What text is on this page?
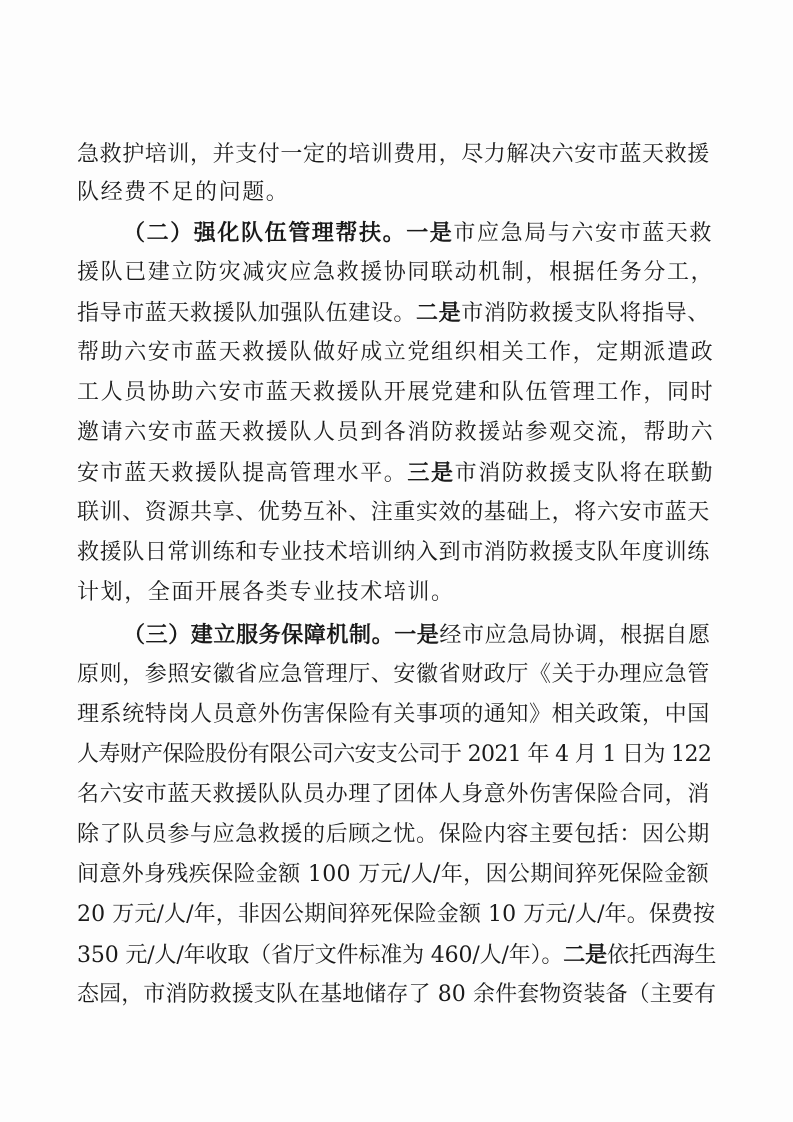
急救护培训，并支付一定的培训费用，尽力解决六安市蓝天救援
队经费不足的问题。
（二）强化队伍管理帮扶。一是市应急局与六安市蓝天救
援队已建立防灾减灾应急救援协同联动机制，根据任务分工，
指导市蓝天救援队加强队伍建设。二是市消防救援支队将指导、
帮助六安市蓝天救援队做好成立党组织相关工作，定期派遣政
工人员协助六安市蓝天救援队开展党建和队伍管理工作，同时
邀请六安市蓝天救援队人员到各消防救援站参观交流，帮助六
安市蓝天救援队提高管理水平。三是市消防救援支队将在联勤
联训、资源共享、优势互补、注重实效的基础上，将六安市蓝天
救援队日常训练和专业技术培训纳入到市消防救援支队年度训练
计划，全面开展各类专业技术培训。
（三）建立服务保障机制。一是经市应急局协调，根据自愿
原则，参照安徽省应急管理厅、安徽省财政厅《关于办理应急管
理系统特岗人员意外伤害保险有关事项的通知》相关政策，中国
人寿财产保险股份有限公司六安支公司于 2021 年 4 月 1 日为 122
名六安市蓝天救援队队员办理了团体人身意外伤害保险合同，消
除了队员参与应急救援的后顾之忧。保险内容主要包括：因公期
间意外身残疾保险金额 100 万元/人/年，因公期间猝死保险金额
20 万元/人/年，非因公期间猝死保险金额 10 万元/人/年。保费按
350 元/人/年收取（省厅文件标准为 460/人/年）。二是依托西海生
态园，市消防救援支队在基地储存了 80 余件套物资装备（主要有
